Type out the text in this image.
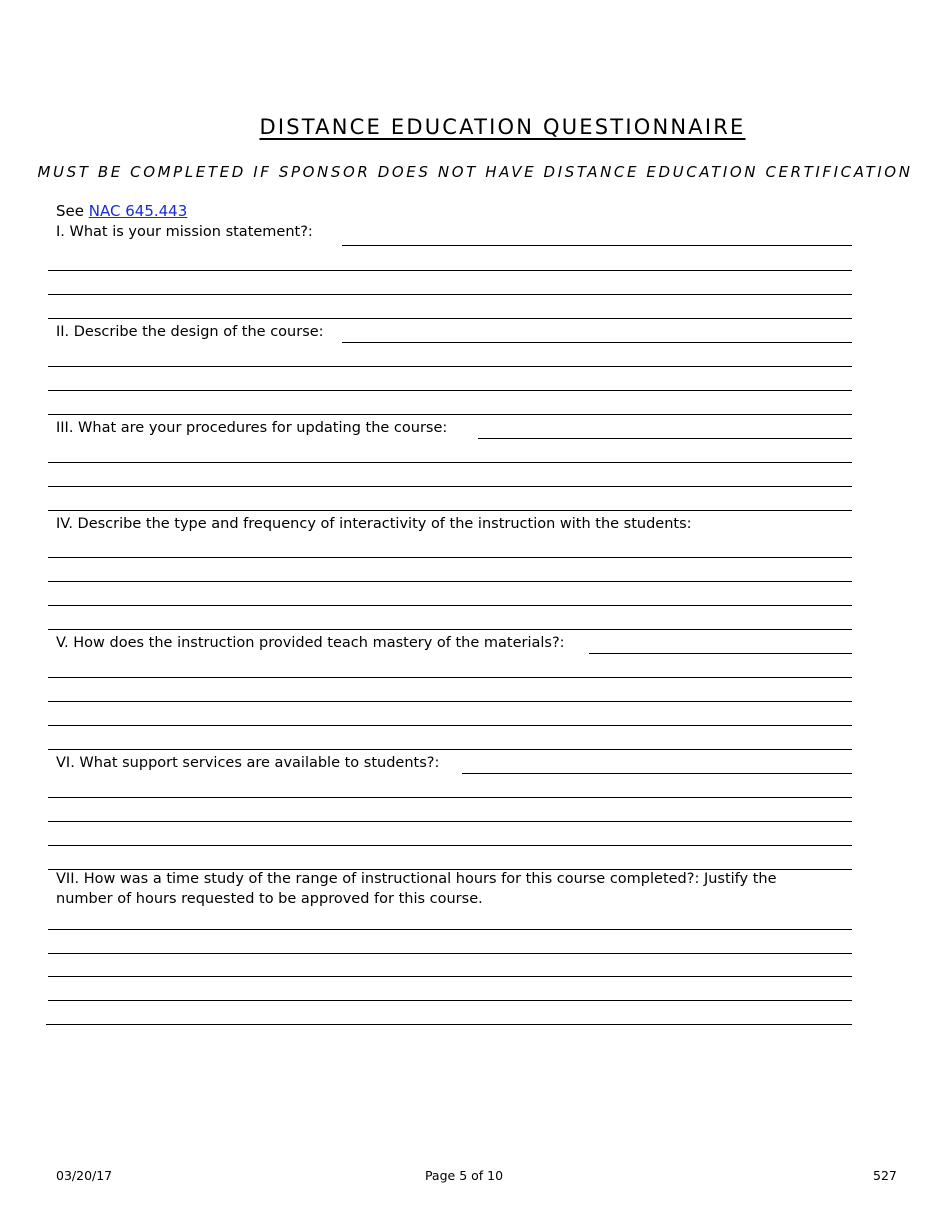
DISTANCE EDUCATION QUESTIONNAIRE
MUST BE COMPLETED IF SPONSOR DOES NOT HAVE DISTANCE EDUCATION CERTIFICATION
See NAC 645.443
I. What is your mission statement?:
II. Describe the design of the course:
III. What are your procedures for updating the course:
IV. Describe the type and frequency of interactivity of the instruction with the students:
V. How does the instruction provided teach mastery of the materials?:
VI. What support services are available to students?:
VII. How was a time study of the range of instructional hours for this course completed?: Justify the number of hours requested to be approved for this course.
03/20/17	Page 5 of 10	527
